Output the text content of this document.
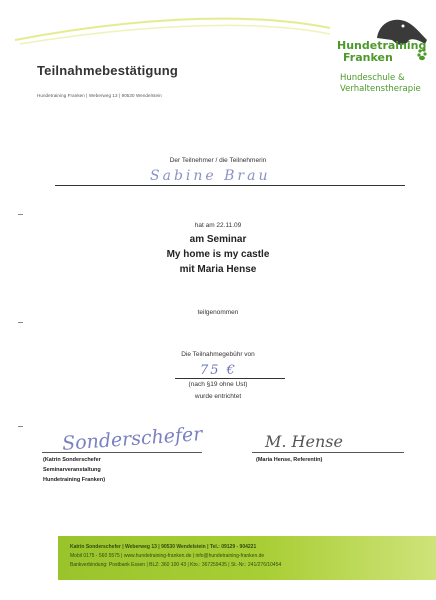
Teilnahmebestätigung
Hundetraining Franken | Weberweg 13 | 90530 Wendelstein
Hundetraining
Franken
Hundeschule &
Verhaltenstherapie
Der Teilnehmer / die Teilnehmerin
Sabine Brau
hat am 22.11.09
am Seminar
My home is my castle
mit Maria Hense
teilgenommen
Die Teilnahmegebühr von
75 €
(nach §19 ohne Ust)
wurde entrichtet
Sonderschefer
(Katrin Sonderschefer
Seminarveranstaltung
Hundetraining Franken)
M. Hense
(Maria Hense, Referentin)
Katrin Sonderschefer | Weberweg 13 | 90530 Wendelstein | Tel.: 09129 - 904221
Mobil 0175 - 560 5575 | www.hundetraining-franken.de | info@hundetraining-franken.de
Bankverbindung: Postbank Essen | BLZ: 360 100 43 | Kto.: 367259435 | St.-Nr.: 241/276/10454
